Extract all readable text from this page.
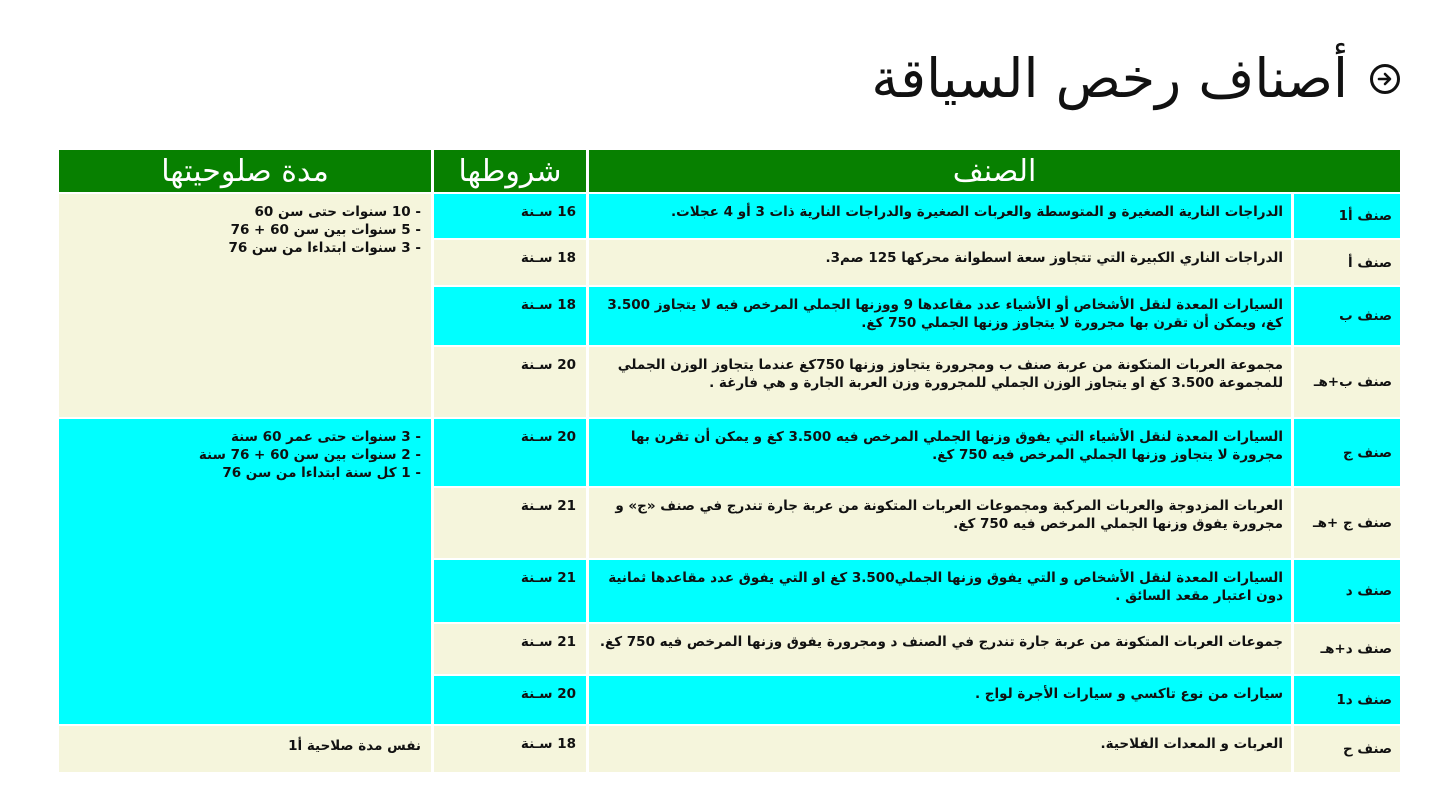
أصناف رخص السياقة
الصنف		شروطها	مدة صلوحيتها
صنف أ1	الدراجات النارية الصغيرة و المتوسطة والعربات الصغيرة والدراجات النارية ذات 3 أو 4 عجلات.	16 سـنة	- 10 سنوات حتى سن 60
- 5 سنوات بين سن 60 + 76
- 3 سنوات ابتداءا من سن 76

صنف أ	الدراجات الناري الكبيرة التي تتجاوز سعة اسطوانة محركها 125 صم3.	18 سـنة	
صنف ب	السيارات المعدة لنقل الأشخاص أو الأشياء عدد مقاعدها 9 ووزنها الجملي المرخص فيه لا يتجاوز 3.500 كغ، ويمكن أن تقرن بها مجرورة لا يتجاوز وزنها الجملي 750 كغ.	18 سـنة	
صنف ب+هـ	مجموعة العربات المتكونة من عربة صنف ب ومجرورة يتجاوز وزنها 750كغ عندما يتجاوز الوزن الجملي للمجموعة 3.500 كغ او يتجاوز الوزن الجملي للمجرورة وزن العربة الجارة و هي فارغة .	20 سـنة	
صنف ج	السيارات المعدة لنقل الأشياء التي يفوق وزنها الجملي المرخص فيه 3.500 كغ و يمكن أن تقرن بها مجرورة لا يتجاوز وزنها الجملي المرخص فيه 750 كغ.	20 سـنة	- 3 سنوات حتى عمر 60 سنة
- 2 سنوات بين سن 60 + 76 سنة
- 1 كل سنة ابتداءا من سن 76

صنف ج +هـ	العربات المزدوجة والعربات المركبة ومجموعات العربات المتكونة من عربة جارة تندرج في صنف «ج» و مجرورة يفوق وزنها الجملي المرخص فيه 750 كغ.	21 سـنة	
صنف د	السيارات المعدة لنقل الأشخاص و التي يفوق وزنها الجملي3.500 كغ او التي يفوق عدد مقاعدها ثمانية دون اعتبار مقعد السائق .	21 سـنة	
صنف د+هـ	جموعات العربات المتكونة من عربة جارة تندرج في الصنف د ومجرورة يفوق وزنها المرخص فيه 750 كغ.	21 سـنة	
صنف د1	سيارات من نوع تاكسي و سيارات الأجرة لواج .	20 سـنة	
صنف ح	العربات و المعدات الفلاحية.	18 سـنة	نفس مدة صلاحية أ1
